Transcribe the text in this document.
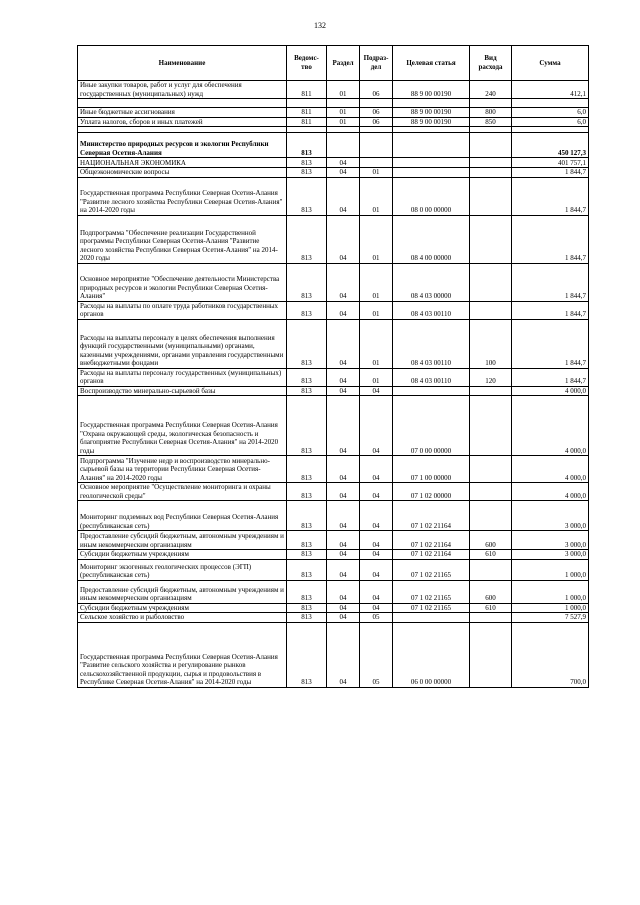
132
Наименование	Ведомс-тво	Раздел	Подраз-дел	Целевая статья	Вид расхода	Сумма
Иные закупки товаров, работ и услуг для обеспечения государственных (муниципальных) нужд	811	01	06	88 9 00 00190	240	412,1

Иные бюджетные ассигнования	811	01	06	88 9 00 00190	800	6,0
Уплата налогов, сборов и иных платежей	811	01	06	88 9 00 00190	850	6,0

Министерство природных ресурсов и экологии Республики Северная Осетия-Алания	813					450 127,3
НАЦИОНАЛЬНАЯ ЭКОНОМИКА	813	04				401 757,1
Общеэкономические вопросы	813	04	01			1 844,7
Государственная программа Республики Северная Осетия-Алания "Развитие лесного хозяйства Республики Северная Осетия-Алания" на 2014-2020 годы	813	04	01	08 0 00 00000		1 844,7
Подпрограмма "Обеспечение реализации Государственной программы Республики Северная Осетия-Алания "Развитие лесного хозяйства Республики Северная Осетия-Алания" на 2014-2020 годы	813	04	01	08 4 00 00000		1 844,7
Основное мероприятие "Обеспечение деятельности Министерства природных ресурсов и экологии Республики Северная Осетия-Алания"	813	04	01	08 4 03 00000		1 844,7
Расходы на выплаты по оплате труда работников государственных органов	813	04	01	08 4 03 00110		1 844,7
Расходы на выплаты персоналу в целях обеспечения выполнения функций государственными (муниципальными) органами, казенными учреждениями, органами управления государственными внебюджетными фондами	813	04	01	08 4 03 00110	100	1 844,7
Расходы на выплаты персоналу государственных (муниципальных) органов	813	04	01	08 4 03 00110	120	1 844,7
Воспроизводство минерально-сырьевой базы	813	04	04			4 000,0
Государственная программа Республики Северная Осетия-Алания "Охрана окружающей среды, экологическая безопасность и благоприятие Республики Северная Осетия-Алания" на 2014-2020 годы	813	04	04	07 0 00 00000		4 000,0
Подпрограмма "Изучение недр и воспроизводство минерально-сырьевой базы на территории Республики Северная Осетия-Алания" на 2014-2020 годы	813	04	04	07 1 00 00000		4 000,0
Основное мероприятие "Осуществление мониторинга и охраны геологической среды"	813	04	04	07 1 02 00000		4 000,0
Мониторинг подземных вод Республики Северная Осетия-Алания (республиканская сеть)	813	04	04	07 1 02 21164		3 000,0
Предоставление субсидий бюджетным, автономным учреждениям и иным некоммерческим организациям	813	04	04	07 1 02 21164	600	3 000,0
Субсидии бюджетным учреждениям	813	04	04	07 1 02 21164	610	3 000,0
Мониторинг экзогенных геологических процессов (ЭГП) (республиканская сеть)	813	04	04	07 1 02 21165		1 000,0
Предоставление субсидий бюджетным, автономным учреждениям и иным некоммерческим организациям	813	04	04	07 1 02 21165	600	1 000,0
Субсидии бюджетным учреждениям	813	04	04	07 1 02 21165	610	1 000,0
Сельское хозяйство и рыболовство	813	04	05			7 527,9
Государственная программа Республики Северная Осетия-Алания "Развитие сельского хозяйства и регулирование рынков сельскохозяйственной продукции, сырья и продовольствия в Республике Северная Осетия-Алания" на 2014-2020 годы	813	04	05	06 0 00 00000		700,0
